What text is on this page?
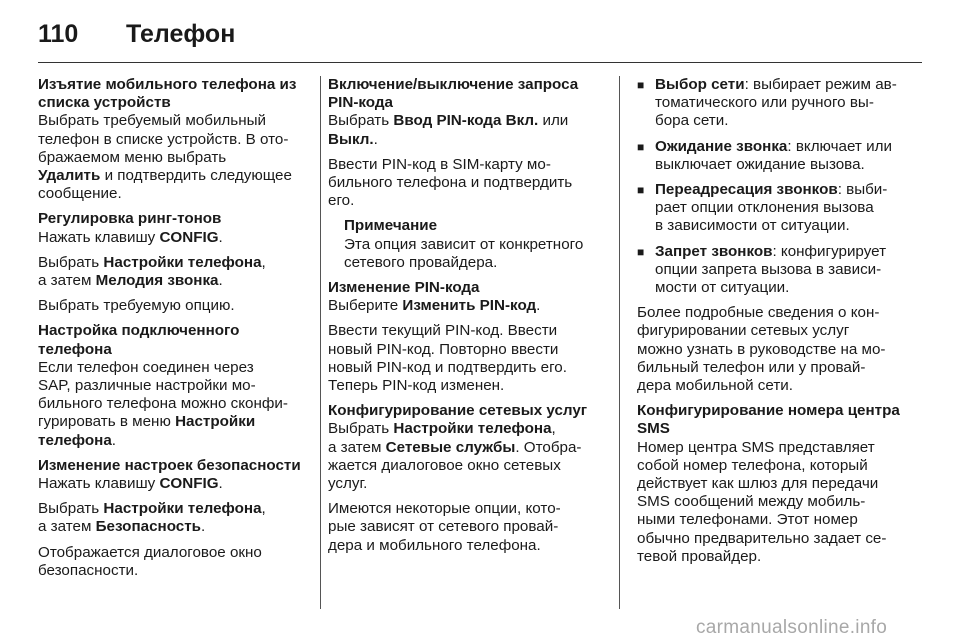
110 Телефон
Изъятие мобильного телефона из
списка устройств
Выбрать требуемый мобильный
телефон в списке устройств. В ото-
бражаемом меню выбрать
Удалить и подтвердить следующее
сообщение.
Регулировка ринг-тонов
Нажать клавишу CONFIG.
Выбрать Настройки телефона,
а затем Мелодия звонка.
Выбрать требуемую опцию.
Настройка подключенного
телефона
Если телефон соединен через
SAP, различные настройки мо-
бильного телефона можно сконфи-
гурировать в меню Настройки
телефона.
Изменение настроек безопасности
Нажать клавишу CONFIG.
Выбрать Настройки телефона,
а затем Безопасность.
Отображается диалоговое окно
безопасности.
Включение/выключение запроса
PIN-кода
Выбрать Ввод PIN-кода Вкл. или
Выкл..
Ввести PIN-код в SIM-карту мо-
бильного телефона и подтвердить
его.
Примечание
Эта опция зависит от конкретного
сетевого провайдера.
Изменение PIN-кода
Выберите Изменить PIN-код.
Ввести текущий PIN-код. Ввести
новый PIN-код. Повторно ввести
новый PIN-код и подтвердить его.
Теперь PIN-код изменен.
Конфигурирование сетевых услуг
Выбрать Настройки телефона,
а затем Сетевые службы. Отобра-
жается диалоговое окно сетевых
услуг.
Имеются некоторые опции, кото-
рые зависят от сетевого провай-
дера и мобильного телефона.
■ Выбор сети: выбирает режим ав-
томатического или ручного вы-
бора сети.
■ Ожидание звонка: включает или
выключает ожидание вызова.
■ Переадресация звонков: выби-
рает опции отклонения вызова
в зависимости от ситуации.
■ Запрет звонков: конфигурирует
опции запрета вызова в зависи-
мости от ситуации.
Более подробные сведения о кон-
фигурировании сетевых услуг
можно узнать в руководстве на мо-
бильный телефон или у провай-
дера мобильной сети.
Конфигурирование номера центра
SMS
Номер центра SMS представляет
собой номер телефона, который
действует как шлюз для передачи
SMS сообщений между мобиль-
ными телефонами. Этот номер
обычно предварительно задает се-
тевой провайдер.
carmanualsonline.info
